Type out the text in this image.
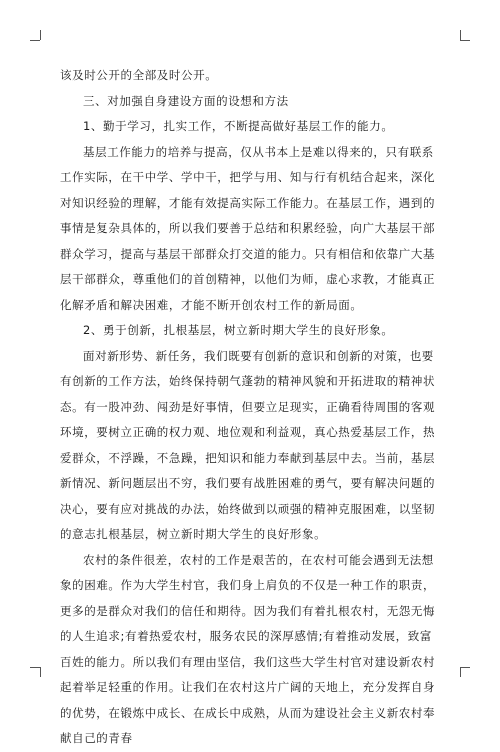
该及时公开的全部及时公开。

三、对加强自身建设方面的设想和方法

1、勤于学习，扎实工作，不断提高做好基层工作的能力。

基层工作能力的培养与提高，仅从书本上是难以得来的，只有联系工作实际，在干中学、学中干，把学与用、知与行有机结合起来，深化对知识经验的理解，才能有效提高实际工作能力。在基层工作，遇到的事情是复杂具体的，所以我们要善于总结和积累经验，向广大基层干部群众学习，提高与基层干部群众打交道的能力。只有相信和依靠广大基层干部群众，尊重他们的首创精神，以他们为师，虚心求教，才能真正化解矛盾和解决困难，才能不断开创农村工作的新局面。

2、勇于创新，扎根基层，树立新时期大学生的良好形象。

面对新形势、新任务，我们既要有创新的意识和创新的对策，也要有创新的工作方法，始终保持朝气蓬勃的精神风貌和开拓进取的精神状态。有一股冲劲、闯劲是好事情，但要立足现实，正确看待周围的客观环境，要树立正确的权力观、地位观和利益观，真心热爱基层工作，热爱群众，不浮躁，不急躁，把知识和能力奉献到基层中去。当前，基层新情况、新问题层出不穷，我们要有战胜困难的勇气，要有解决问题的决心，要有应对挑战的办法，始终做到以顽强的精神克服困难，以坚韧的意志扎根基层，树立新时期大学生的良好形象。

农村的条件很差，农村的工作是艰苦的，在农村可能会遇到无法想象的困难。作为大学生村官，我们身上肩负的不仅是一种工作的职责，更多的是群众对我们的信任和期待。因为我们有着扎根农村，无怨无悔的人生追求;有着热爱农村，服务农民的深厚感情;有着推动发展，致富百姓的能力。所以我们有理由坚信，我们这些大学生村官对建设新农村起着举足轻重的作用。让我们在农村这片广阔的天地上，充分发挥自身的优势，在锻炼中成长、在成长中成熟，从而为建设社会主义新农村奉献自己的青春
